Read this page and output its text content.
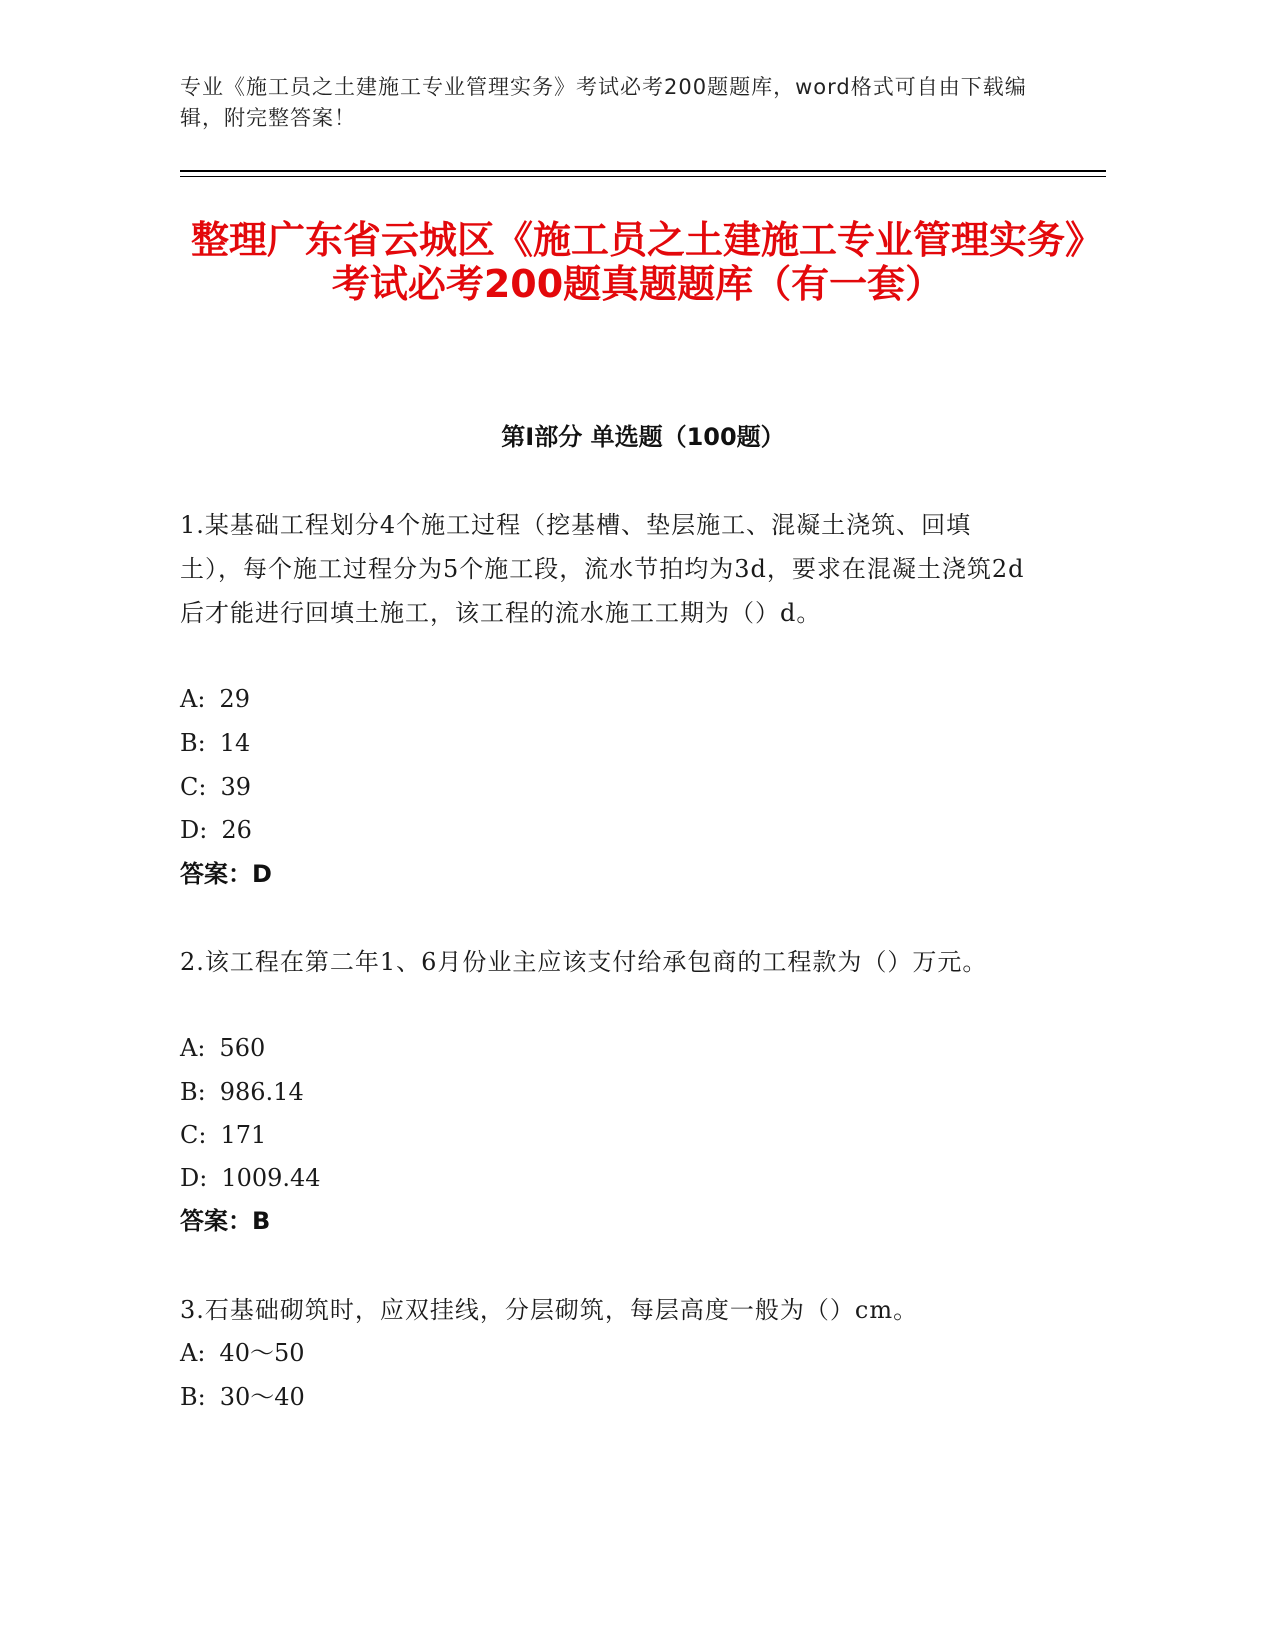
专业《施工员之土建施工专业管理实务》考试必考200题题库，word格式可自由下载编辑，附完整答案！
整理广东省云城区《施工员之土建施工专业管理实务》考试必考200题真题题库（有一套）
第I部分 单选题（100题）
1.某基础工程划分4个施工过程（挖基槽、垫层施工、混凝土浇筑、回填土），每个施工过程分为5个施工段，流水节拍均为3d，要求在混凝土浇筑2d后才能进行回填土施工，该工程的流水施工工期为（）d。
A: 29
B: 14
C: 39
D: 26
答案：D
2.该工程在第二年1、6月份业主应该支付给承包商的工程款为（）万元。
A: 560
B: 986.14
C: 171
D: 1009.44
答案：B
3.石基础砌筑时，应双挂线，分层砌筑，每层高度一般为（）cm。
A: 40～50
B: 30～40
